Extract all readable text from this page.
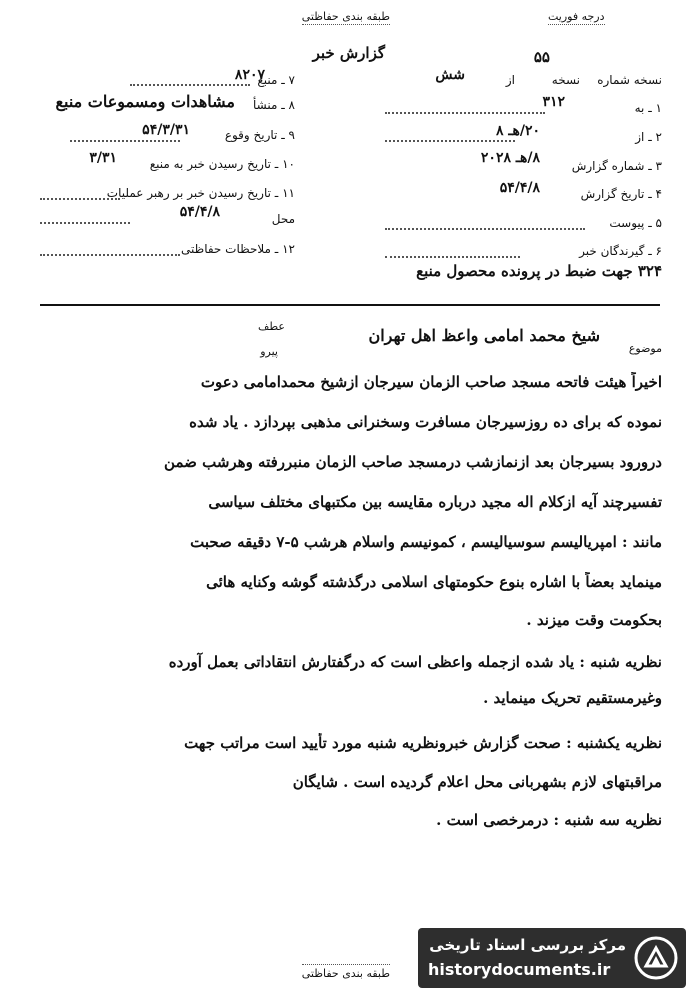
طبقه بندی حفاظتی	درجه فوریت
گزارش خبر
۷ ـ منبع
۸۲۰۷
۸ ـ منشأ
مشاهدات ومسموعات منبع
۹ ـ تاریخ وقوع
۵۴/۳/۳۱
۱۰ ـ تاریخ رسیدن خبر به منبع
۳/۳۱
۱۱ ـ تاریخ رسیدن خبر بر رهبر عملیات
محل
۵۴/۴/۸
۱۲ ـ ملاحظات حفاظتی
نسخه شماره
۵۵
از
شش	نسخه
۱ ـ به
۳۱۲
۲ ـ از
۲۰/هـ ۸
۳ ـ شماره گزارش
۸/هـ ۲۰۲۸
۴ ـ تاریخ گزارش
۵۴/۴/۸
۵ ـ پیوست
۶ ـ گیرندگان خبر
۳۲۴ جهت ضبط در پرونده محصول منبع
موضوع
شیخ محمد امامی واعظ اهل تهران
عطف
پیرو
اخیراً هیئت فاتحه مسجد صاحب الزمان سیرجان ازشیخ محمدامامی دعوت
نموده که برای ده روزسیرجان مسافرت وسخنرانی مذهبی بپردازد . یاد شده
درورود بسیرجان بعد ازنمازشب درمسجد صاحب الزمان منبررفته وهرشب ضمن
تفسیرچند آیه ازکلام اله مجید درباره مقایسه بین مکتبهای مختلف سیاسی
مانند : امپریالیسم سوسیالیسم ، کمونیسم واسلام هرشب ۵-۷ دقیقه صحبت
مینماید بعضاً با اشاره بنوع حکومتهای اسلامی درگذشته گوشه وکنایه هائی
بحکومت وقت میزند .
نظریه شنبه : یاد شده ازجمله واعظی است که درگفتارش انتقاداتی بعمل آورده
وغیرمستقیم تحریک مینماید .
نظریه یکشنبه : صحت گزارش خبرونظریه شنبه مورد تأیید است مراتب جهت
مراقبتهای لازم بشهربانی محل اعلام گردیده است . شایگان
نظریه سه شنبه : درمرخصی است .
طبقه بندی حفاظتی
مرکز بررسی اسناد تاریخی
historydocuments.ir
